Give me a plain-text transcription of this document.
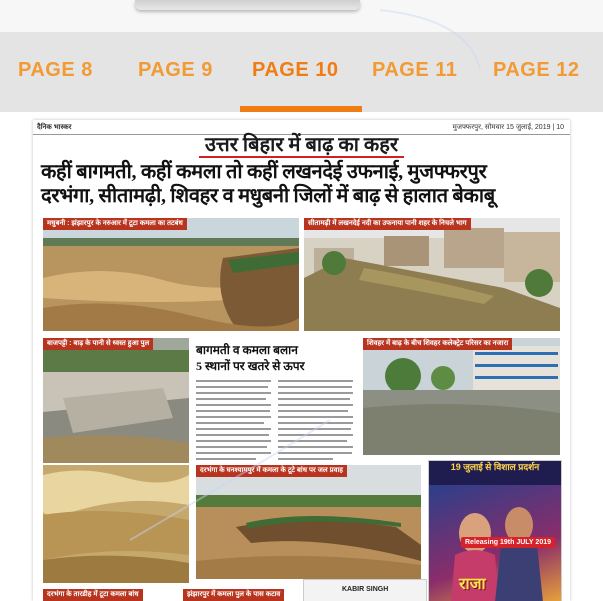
PAGE 8 PAGE 9 PAGE 10 PAGE 11 PAGE 12
दैनिक भास्कर	मुजफ्फरपुर, सोमवार 15 जुलाई, 2019 | 10
उत्तर बिहार में बाढ़ का कहर
कहीं बागमती, कहीं कमला तो कहीं लखनदेई उफनाई, मुजफ्फरपुर
दरभंगा, सीतामढ़ी, शिवहर व मधुबनी जिलों में बाढ़ से हालात बेकाबू
मधुबनी : झंझारपुर के नरुआर में टूटा कमला का तटबंध	सीतामढ़ी में लखनदेई नदी का उफनाया पानी शहर के निचले भाग
बाजपट्टी : बाढ़ के पानी से ध्वस्त हुआ पुल	बागमती व कमला बलान
5 स्थानों पर खतरे से ऊपर
शिवहर में बाढ़ के बीच शिवहर कलेक्ट्रेट परिसर का नजारा
दरभंगा के घनश्यामपुर में कमला के टूटे बांध पर जल प्रवाह	19 जुलाई से विशाल प्रदर्शन
Releasing 19th JULY 2019
राजा
दरभंगा के तारडीह में टूटा कमला बांध	झंझारपुर में कमला पुल के पास कटाव
KABIR SINGH
